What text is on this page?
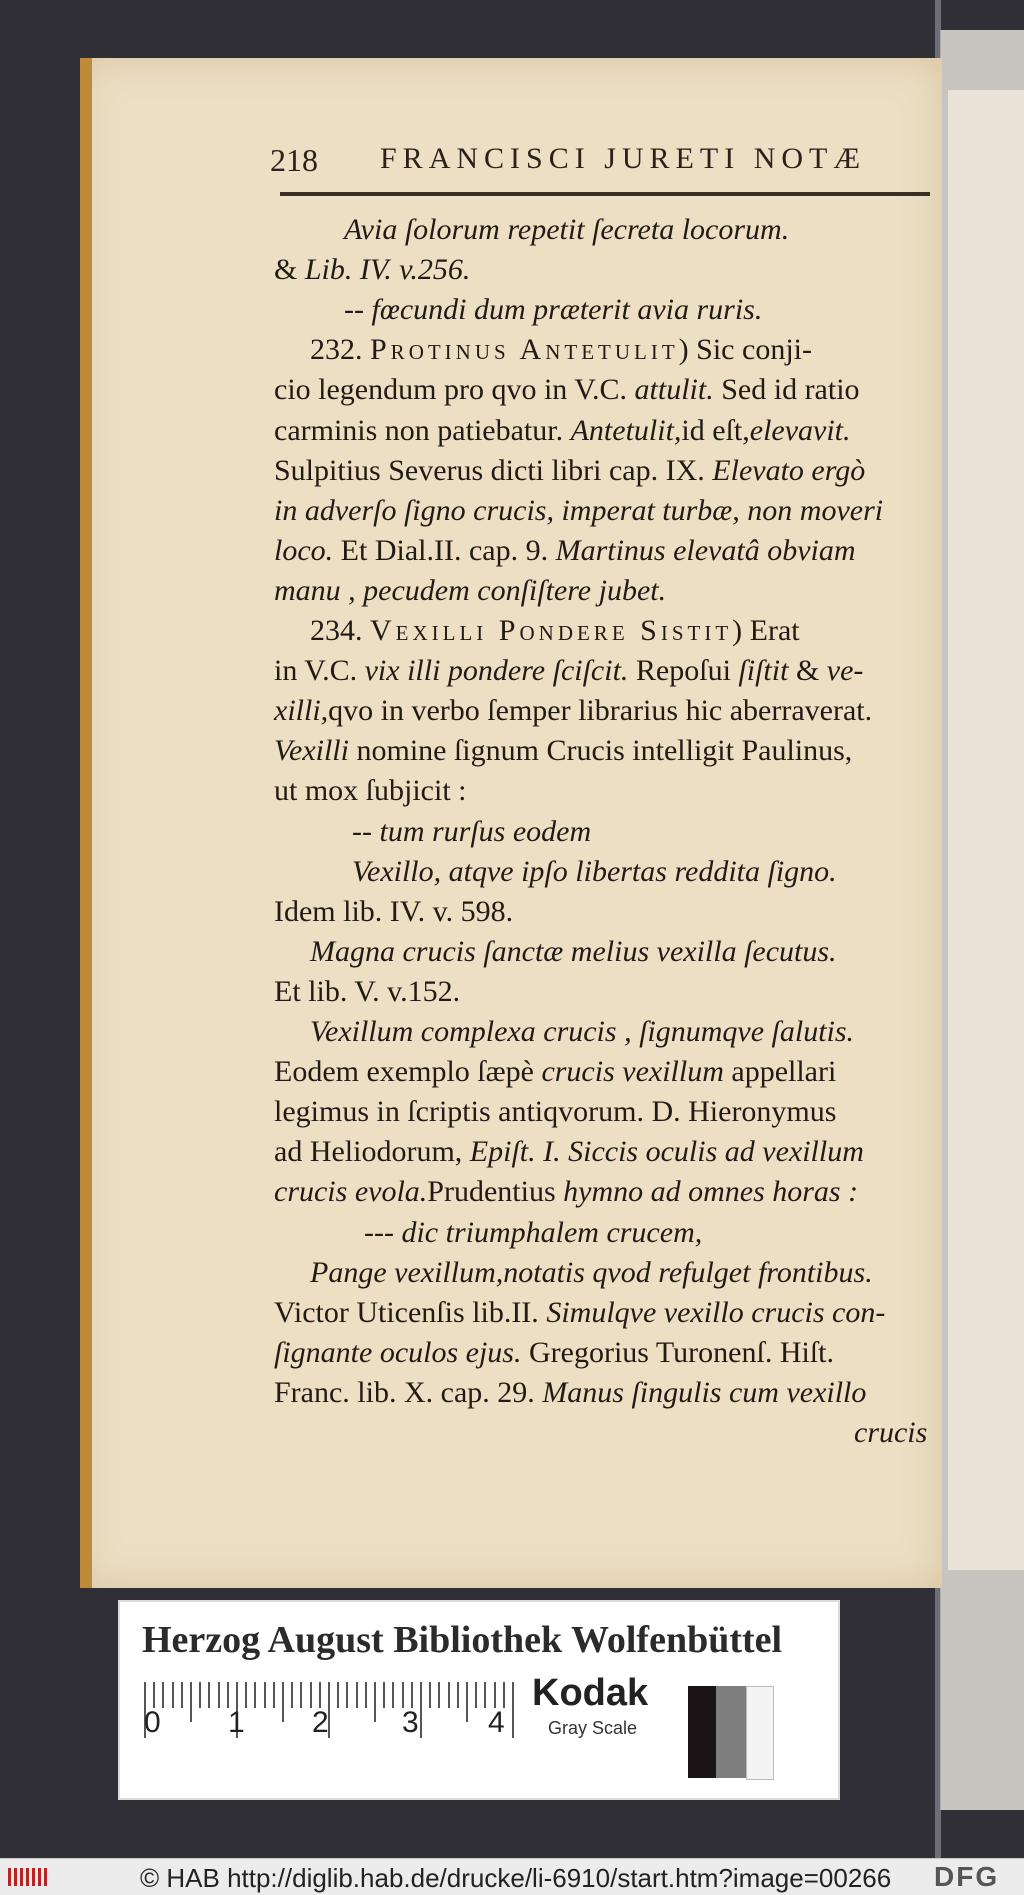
218 FRANCISCI JURETI NOTÆ
Avia ſolorum repetit ſecreta locorum.
& Lib. IV. v.256.
-- fœcundi dum præterit avia ruris.
232. Protinus Antetulit) Sic conji-
cio legendum pro qvo in V.C. attulit. Sed id ratio
carminis non patiebatur. Antetulit,id eſt,elevavit.
Sulpitius Severus dicti libri cap. IX. Elevato ergò
in adverſo ſigno crucis, imperat turbæ, non moveri
loco. Et Dial.II. cap. 9. Martinus elevatâ obviam
manu , pecudem conſiſtere jubet.
234. Vexilli Pondere Sistit) Erat
in V.C. vix illi pondere ſciſcit. Repoſui ſiſtit & ve-
xilli,qvo in verbo ſemper librarius hic aberraverat.
Vexilli nomine ſignum Crucis intelligit Paulinus,
ut mox ſubjicit :
-- tum rurſus eodem
Vexillo, atqve ipſo libertas reddita ſigno.
Idem lib. IV. v. 598.
Magna crucis ſanctæ melius vexilla ſecutus.
Et lib. V. v.152.
Vexillum complexa crucis , ſignumqve ſalutis.
Eodem exemplo ſæpè crucis vexillum appellari
legimus in ſcriptis antiqvorum. D. Hieronymus
ad Heliodorum, Epiſt. I. Siccis oculis ad vexillum
crucis evola.Prudentius hymno ad omnes horas :
--- dic triumphalem crucem,
Pange vexillum,notatis qvod refulget frontibus.
Victor Uticenſis lib.II. Simulqve vexillo crucis con-
ſignante oculos ejus. Gregorius Turonenſ. Hiſt.
Franc. lib. X. cap. 29. Manus ſingulis cum vexillo
crucis
Herzog August Bibliothek Wolfenbüttel
0 1 2 3 4
Kodak
Gray Scale
© HAB http://diglib.hab.de/drucke/li-6910/start.htm?image=00266 DFG
